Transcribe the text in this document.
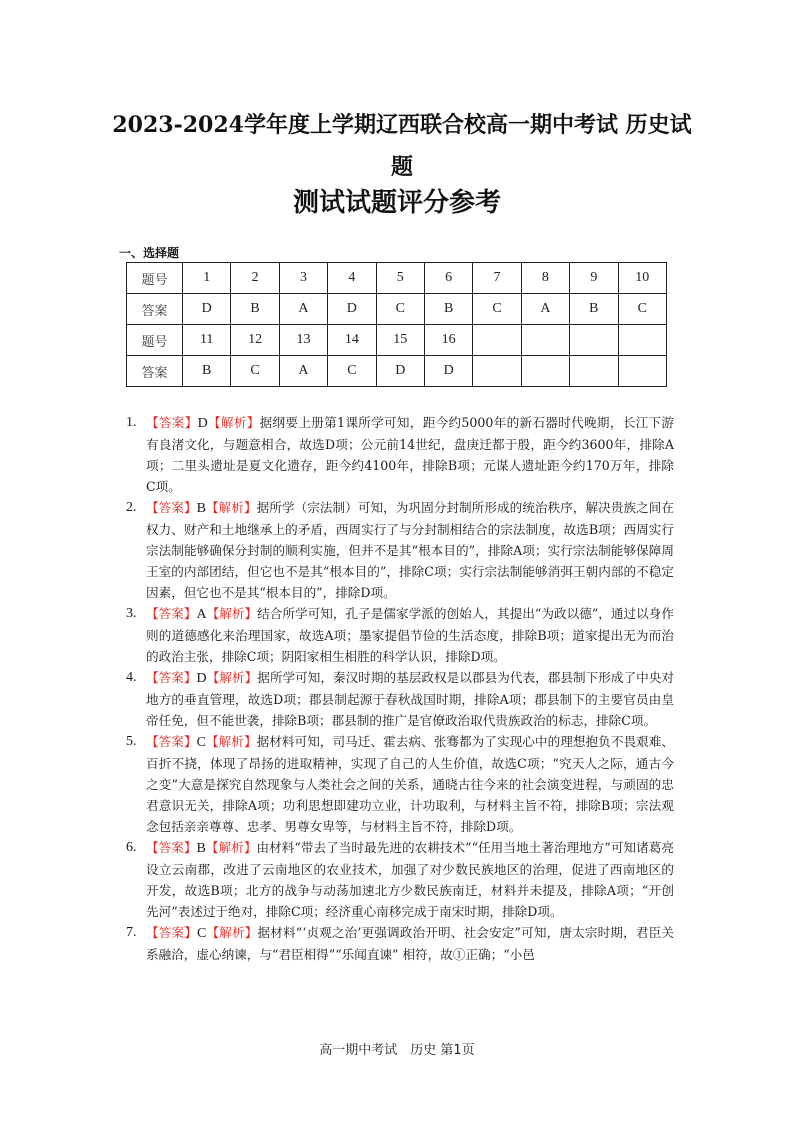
2023-2024学年度上学期辽西联合校高一期中考试 历史试题
测试试题评分参考
一、选择题
题号	1	2	3	4	5	6	7	8	9	10
答案	D	B	A	D	C	B	C	A	B	C
题号	11	12	13	14	15	16				
答案	B	C	A	C	D	D				
1. 【答案】D【解析】据纲要上册第1课所学可知，距今约5000年的新石器时代晚期，长江下游有良渚文化，与题意相合，故选D项；公元前14世纪，盘庚迁都于殷，距今约3600年，排除A项；二里头遗址是夏文化遗存，距今约4100年，排除B项；元谋人遗址距今约170万年，排除C项。
2. 【答案】B【解析】据所学（宗法制）可知，为巩固分封制所形成的统治秩序，解决贵族之间在权力、财产和土地继承上的矛盾，西周实行了与分封制相结合的宗法制度，故选B项；西周实行宗法制能够确保分封制的顺利实施，但并不是其“根本目的”，排除A项；实行宗法制能够保障周王室的内部团结，但它也不是其“根本目的”，排除C项；实行宗法制能够消弭王朝内部的不稳定因素，但它也不是其“根本目的”，排除D项。
3. 【答案】A【解析】结合所学可知，孔子是儒家学派的创始人，其提出“为政以德”，通过以身作则的道德感化来治理国家，故选A项；墨家提倡节俭的生活态度，排除B项；道家提出无为而治的政治主张，排除C项；阴阳家相生相胜的科学认识，排除D项。
4. 【答案】D【解析】据所学可知，秦汉时期的基层政权是以郡县为代表，郡县制下形成了中央对地方的垂直管理，故选D项；郡县制起源于春秋战国时期，排除A项；郡县制下的主要官员由皇帝任免，但不能世袭，排除B项；郡县制的推广是官僚政治取代贵族政治的标志，排除C项。
5. 【答案】C【解析】据材料可知，司马迁、霍去病、张骞都为了实现心中的理想抱负不畏艰难、百折不挠，体现了昂扬的进取精神，实现了自己的人生价值，故选C项；“究天人之际，通古今之变”大意是探究自然现象与人类社会之间的关系，通晓古往今来的社会演变进程，与顽固的忠君意识无关，排除A项；功利思想即建功立业，计功取利，与材料主旨不符，排除B项；宗法观念包括亲亲尊尊、忠孝、男尊女卑等，与材料主旨不符，排除D项。
6. 【答案】B【解析】由材料“带去了当时最先进的农耕技术”“任用当地土著治理地方”可知诸葛亮设立云南郡，改进了云南地区的农业技术，加强了对少数民族地区的治理，促进了西南地区的开发，故选B项；北方的战争与动荡加速北方少数民族南迁，材料并未提及，排除A项；“开创先河”表述过于绝对，排除C项；经济重心南移完成于南宋时期，排除D项。
7. 【答案】C【解析】据材料“‘贞观之治’更强调政治开明、社会安定”可知，唐太宗时期，君臣关系融洽，虚心纳谏，与“君臣相得”“乐闻直谏” 相符，故①正确；“小邑
高一期中考试　历史 第1页
